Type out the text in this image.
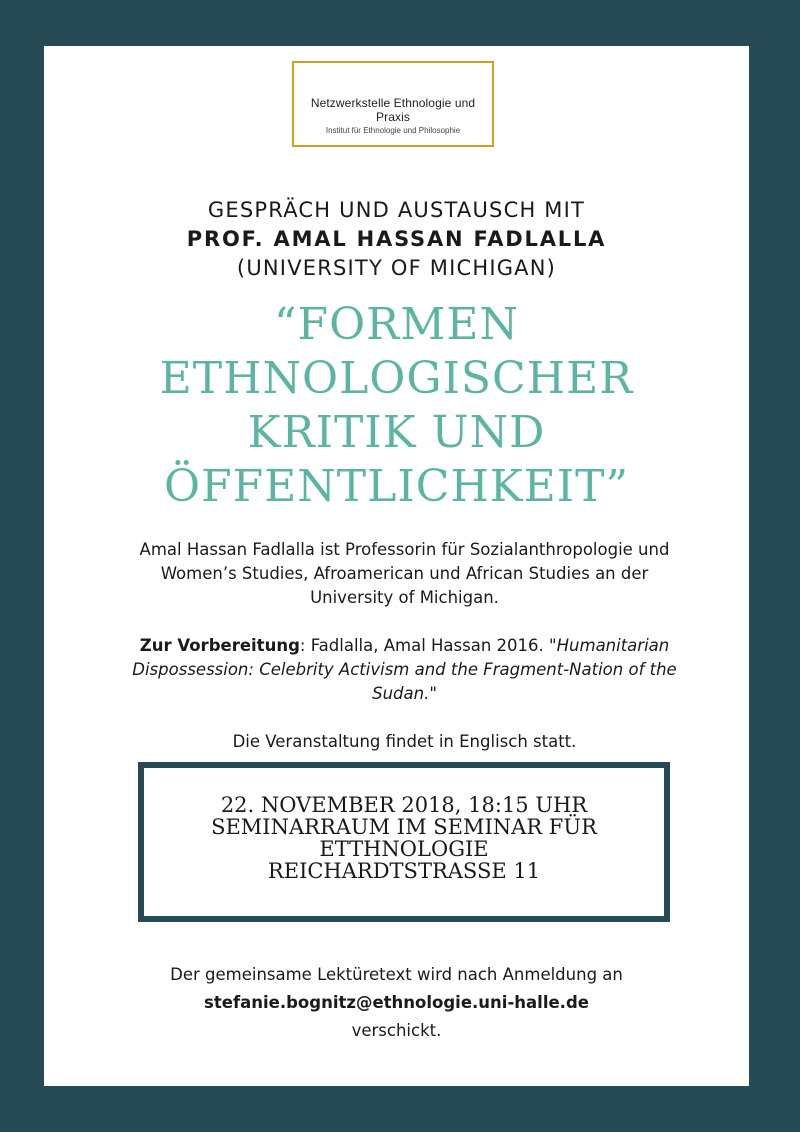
Netzwerkstelle Ethnologie und Praxis
Institut für Ethnologie und Philosophie
GESPRÄCH UND AUSTAUSCH MIT
PROF. AMAL HASSAN FADLALLA
(UNIVERSITY OF MICHIGAN)
“FORMEN
ETHNOLOGISCHER
KRITIK UND
ÖFFENTLICHKEIT”

Amal Hassan Fadlalla ist Professorin für Sozialanthropologie und

Women’s Studies, Afroamerican und African Studies an der

University of Michigan.

Zur Vorbereitung: Fadlalla, Amal Hassan 2016. "Humanitarian

Dispossession: Celebrity Activism and the Fragment-Nation of the

Sudan."

Die Veranstaltung findet in Englisch statt.

22. NOVEMBER 2018, 18:15 UHR
SEMINARRAUM IM SEMINAR FÜR
ETTHNOLOGIE
REICHARDTSTRASSE 11
Der gemeinsame Lektüretext wird nach Anmeldung an
stefanie.bognitz@ethnologie.uni-halle.de
verschickt.
